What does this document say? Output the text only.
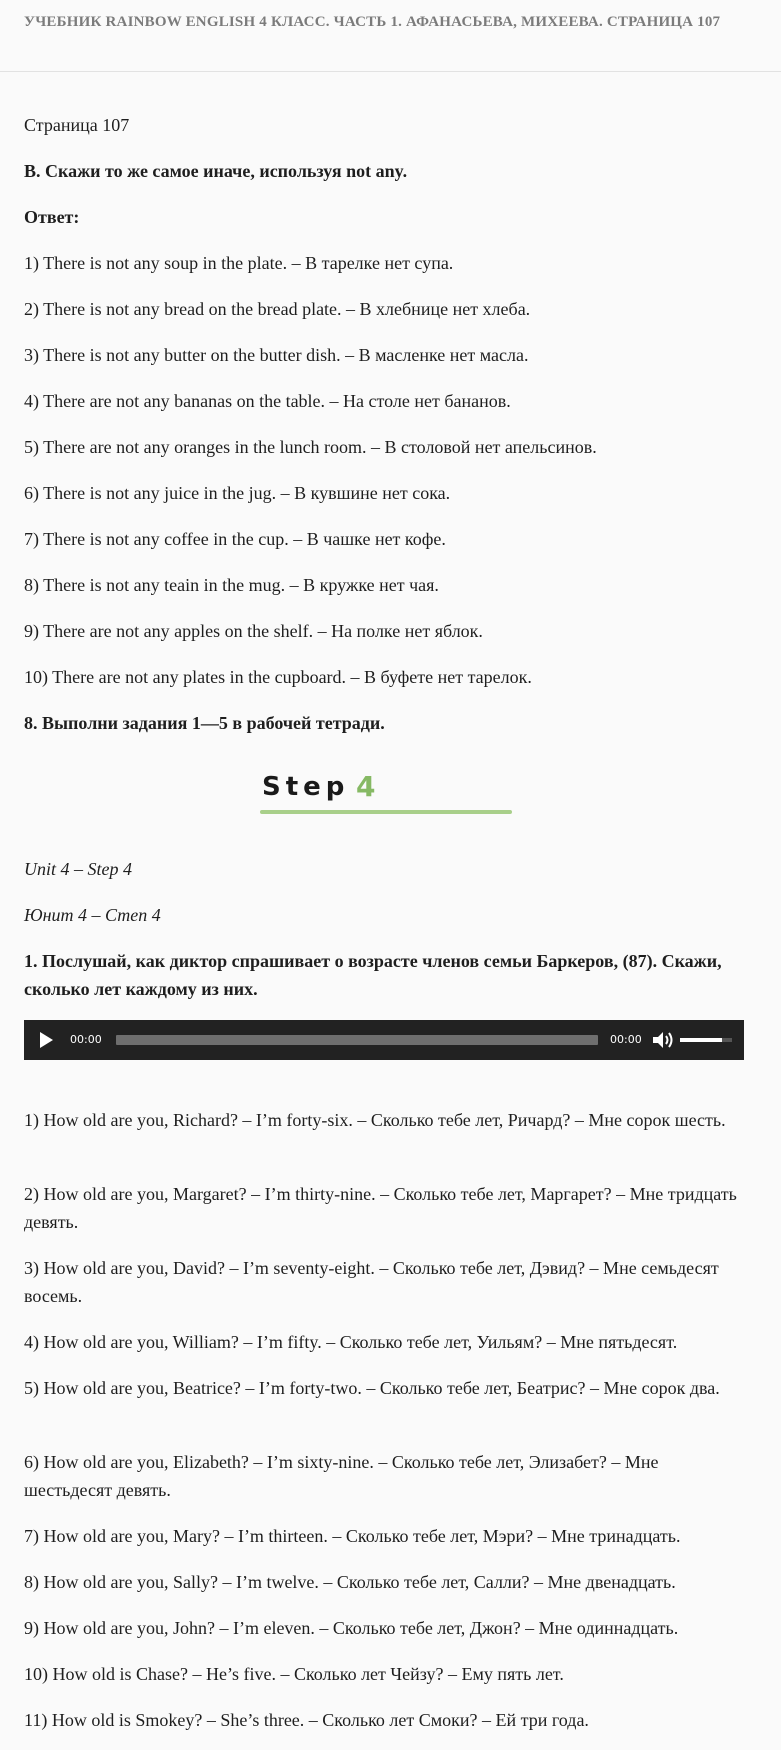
УЧЕБНИК RAINBOW ENGLISH 4 КЛАСС. ЧАСТЬ 1. АФАНАСЬЕВА, МИХЕЕВА. СТРАНИЦА 107

Страница 107

B. Скажи то же самое иначе, используя not any.

Ответ:

1) There is not any soup in the plate. – В тарелке нет супа.

2) There is not any bread on the bread plate. – В хлебнице нет хлеба.

3) There is not any butter on the butter dish. – В масленке нет масла.

4) There are not any bananas on the table. – На столе нет бананов.

5) There are not any oranges in the lunch room. – В столовой нет апельсинов.

6) There is not any juice in the jug. – В кувшине нет сока.

7) There is not any coffee in the cup. – В чашке нет кофе.

8) There is not any teain in the mug. – В кружке нет чая.

9) There are not any apples on the shelf. – На полке нет яблок.

10) There are not any plates in the cupboard. – В буфете нет тарелок.

8. Выполни задания 1—5 в рабочей тетради.

Step 4

Unit 4 – Step 4

Юнит 4 – Степ 4

1. Послушай, как диктор спрашивает о возрасте членов семьи Баркеров, (87). Скажи, сколько лет каждому из них.

00:00	00:00

1) How old are you, Richard? – I’m forty-six. – Сколько тебе лет, Ричард? – Мне сорок шесть.

2) How old are you, Margaret? – I’m thirty-nine. – Сколько тебе лет, Маргарет? – Мне тридцать девять.

3) How old are you, David? – I’m seventy-eight. – Сколько тебе лет, Дэвид? – Мне семьдесят восемь.

4) How old are you, William? – I’m fifty. – Сколько тебе лет, Уильям? – Мне пятьдесят.

5) How old are you, Beatrice? – I’m forty-two. – Сколько тебе лет, Беатрис? – Мне сорок два.

6) How old are you, Elizabeth? – I’m sixty-nine. – Сколько тебе лет, Элизабет? – Мне шестьдесят девять.

7) How old are you, Mary? – I’m thirteen. – Сколько тебе лет, Мэри? – Мне тринадцать.

8) How old are you, Sally? – I’m twelve. – Сколько тебе лет, Салли? – Мне двенадцать.

9) How old are you, John? – I’m eleven. – Сколько тебе лет, Джон? – Мне одиннадцать.

10) How old is Chase? – He’s five. – Сколько лет Чейзу? – Ему пять лет.

11) How old is Smokey? – She’s three. – Сколько лет Смоки? – Ей три года.
